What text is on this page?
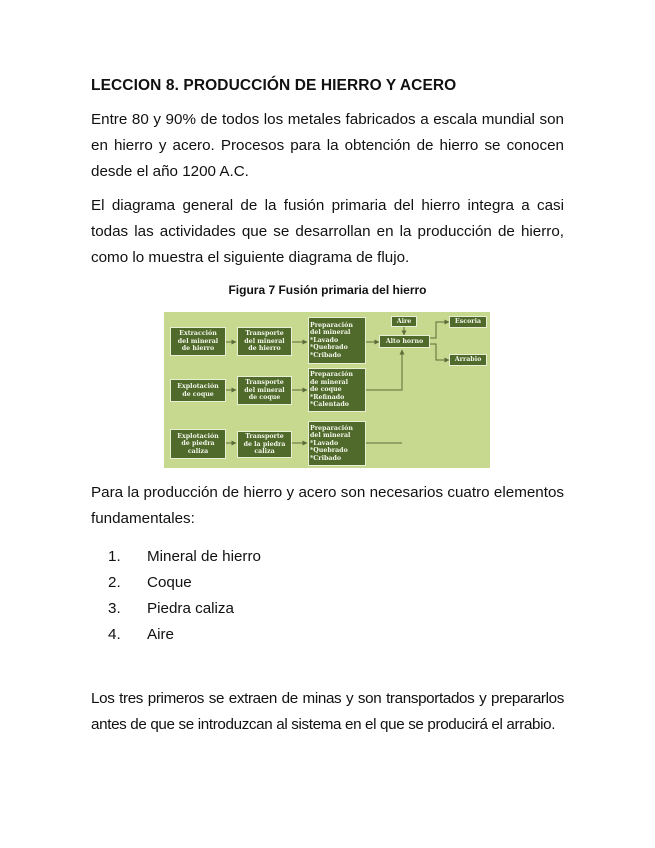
LECCION 8. PRODUCCIÓN DE HIERRO Y ACERO
Entre 80 y 90% de todos los metales fabricados a escala mundial son en hierro y acero. Procesos para la obtención de hierro se conocen desde el año 1200 A.C.
El diagrama general de la fusión primaria del hierro integra a casi todas las actividades que se desarrollan en la producción de hierro, como lo muestra el siguiente diagrama de flujo.
Figura 7 Fusión primaria del hierro
Extracción
del mineral
de hierro
Transporte
del mineral
de hierro
Preparación
del mineral
*Lavado
*Quebrado
*Cribado
Explotación
de coque
Transporte
del mineral
de coque
Preparación
de mineral
de coque
*Refinado
*Calentado
Explotación
de piedra
caliza
Transporte
de la piedra
caliza
Preparación
del mineral
*Lavado
*Quebrado
*Cribado
Aire
Alto horno
Escoria
Arrabio
Para la producción de hierro y acero son necesarios cuatro elementos fundamentales:
1.	Mineral de hierro
2.	Coque
3.	Piedra caliza
4.	Aire
Los tres primeros se extraen de minas y son transportados y prepararlos antes de que se introduzcan al sistema en el que se producirá el arrabio.
